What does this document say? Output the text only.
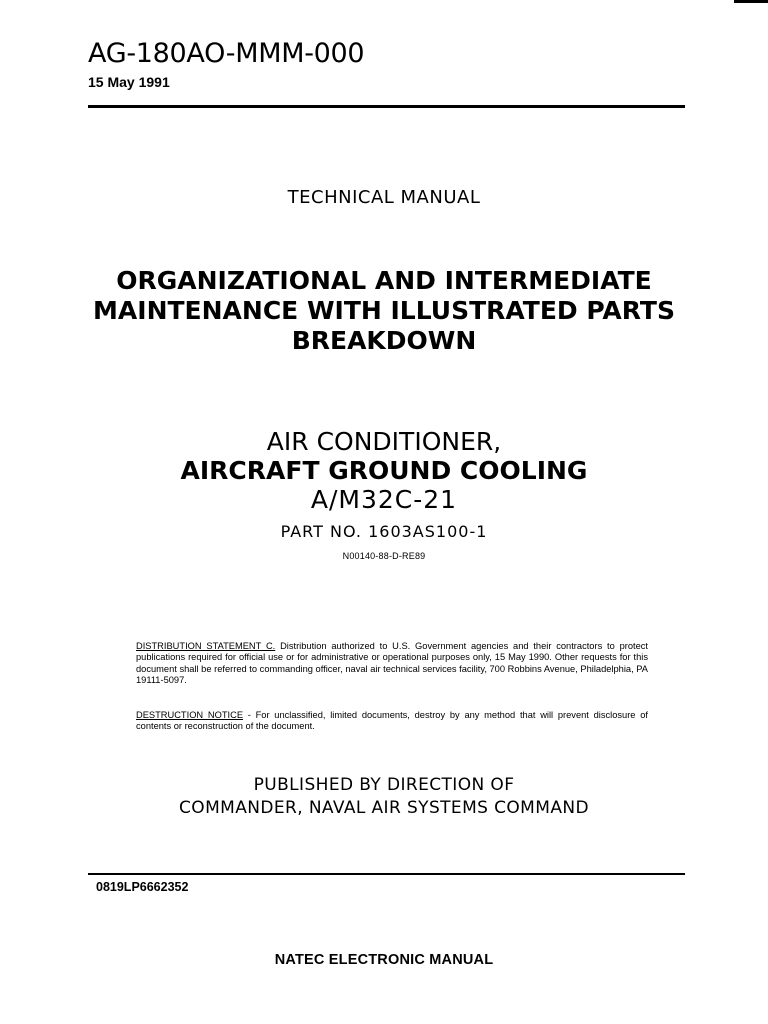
AG-180AO-MMM-000
15 May 1991
TECHNICAL MANUAL
ORGANIZATIONAL AND INTERMEDIATE
MAINTENANCE WITH ILLUSTRATED PARTS
BREAKDOWN
AIR CONDITIONER,
AIRCRAFT GROUND COOLING
A/M32C-21
PART NO. 1603AS100-1
N00140-88-D-RE89
DISTRIBUTION STATEMENT C. Distribution authorized to U.S. Government agencies and their contractors to protect publications required for official use or for administrative or operational purposes only, 15 May 1990. Other requests for this document shall be referred to commanding officer, naval air technical services facility, 700 Robbins Avenue, Philadelphia, PA 19111-5097.
DESTRUCTION NOTICE - For unclassified, limited documents, destroy by any method that will prevent disclosure of contents or reconstruction of the document.
PUBLISHED BY DIRECTION OF
COMMANDER, NAVAL AIR SYSTEMS COMMAND
0819LP6662352
NATEC ELECTRONIC MANUAL
